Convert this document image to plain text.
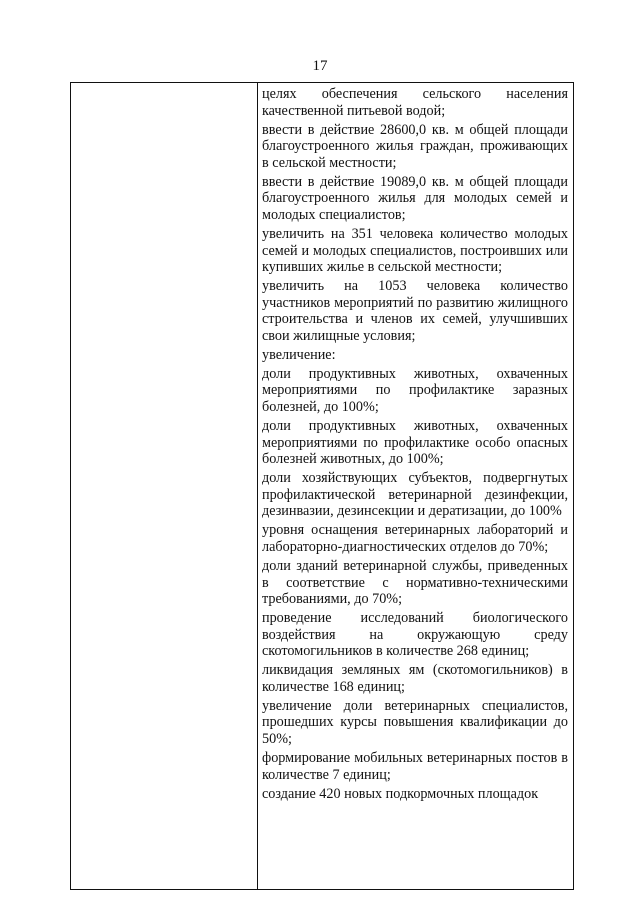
17
целях обеспечения сельского населения качественной питьевой водой;
ввести в действие 28600,0 кв. м общей площади благоустроенного жилья граждан, проживающих в сельской местности;
ввести в действие 19089,0 кв. м общей площади благоустроенного жилья для молодых семей и молодых специалистов;
увеличить на 351 человека количество молодых семей и молодых специалистов, построивших или купивших жилье в сельской местности;
увеличить на 1053 человека количество участников мероприятий по развитию жилищного строительства и членов их семей, улучшивших свои жилищные условия;
увеличение:
доли продуктивных животных, охваченных мероприятиями по профилактике заразных болезней, до 100%;
доли продуктивных животных, охваченных мероприятиями по профилактике особо опасных болезней животных, до 100%;
доли хозяйствующих субъектов, подвергнутых профилактической ветеринарной дезинфекции, дезинвазии, дезинсекции и дератизации, до 100%
уровня оснащения ветеринарных лабораторий и лабораторно-диагностических отделов до 70%;
доли зданий ветеринарной службы, приведенных в соответствие с нормативно-техническими требованиями, до 70%;
проведение исследований биологического воздействия на окружающую среду скотомогильников в количестве 268 единиц;
ликвидация земляных ям (скотомогильников) в количестве 168 единиц;
увеличение доли ветеринарных специалистов, прошедших курсы повышения квалификации до 50%;
формирование мобильных ветеринарных постов в количестве 7 единиц;
создание 420 новых подкормочных площадок
